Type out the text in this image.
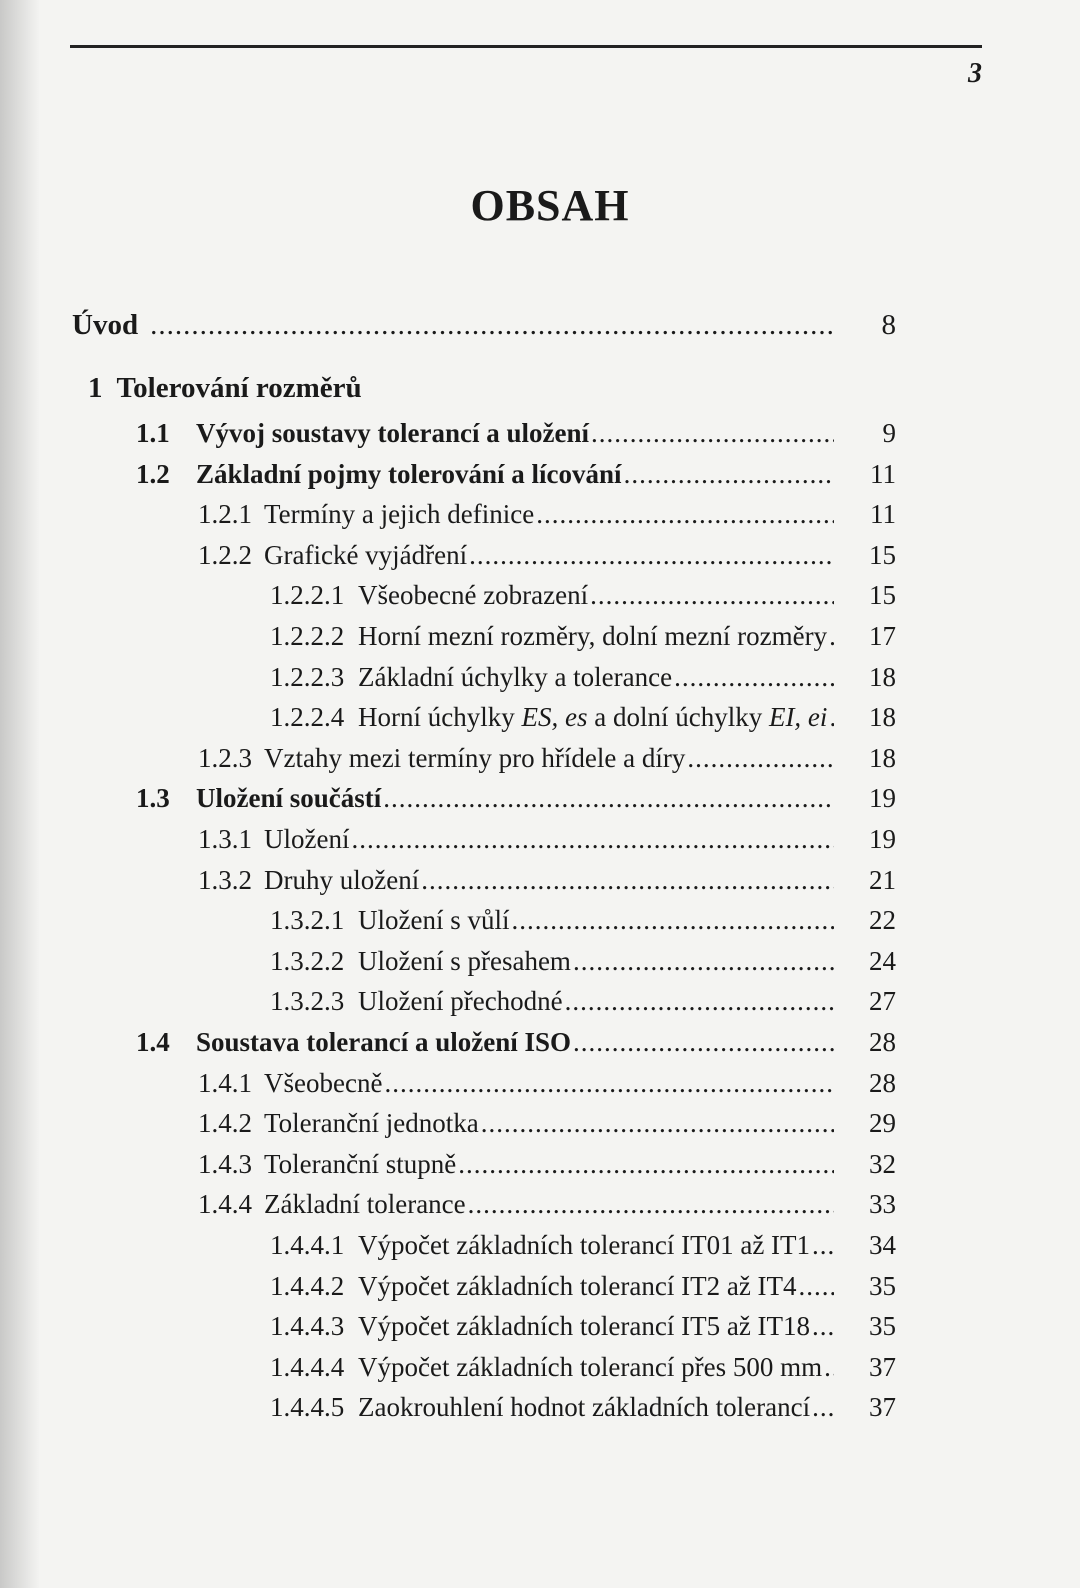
3
OBSAH
Úvod .....	8
1 Tolerování rozměrů
1.1 Vývoj soustavy tolerancí a uložení .....	9
1.2 Základní pojmy tolerování a lícování .....	11
1.2.1 Termíny a jejich definice .....	11
1.2.2 Grafické vyjádření .....	15
1.2.2.1 Všeobecné zobrazení .....	15
1.2.2.2 Horní mezní rozměry, dolní mezní rozměry .....	17
1.2.2.3 Základní úchylky a tolerance .....	18
1.2.2.4 Horní úchylky ES, es a dolní úchylky EI, ei .....	18
1.2.3 Vztahy mezi termíny pro hřídele a díry .....	18
1.3 Uložení součástí .....	19
1.3.1 Uložení .....	19
1.3.2 Druhy uložení .....	21
1.3.2.1 Uložení s vůlí .....	22
1.3.2.2 Uložení s přesahem .....	24
1.3.2.3 Uložení přechodné .....	27
1.4 Soustava tolerancí a uložení ISO .....	28
1.4.1 Všeobecně .....	28
1.4.2 Toleranční jednotka .....	29
1.4.3 Toleranční stupně .....	32
1.4.4 Základní tolerance .....	33
1.4.4.1 Výpočet základních tolerancí IT01 až IT1 .....	34
1.4.4.2 Výpočet základních tolerancí IT2 až IT4 .....	35
1.4.4.3 Výpočet základních tolerancí IT5 až IT18 .....	35
1.4.4.4 Výpočet základních tolerancí přes 500 mm .....	37
1.4.4.5 Zaokrouhlení hodnot základních tolerancí .....	37
